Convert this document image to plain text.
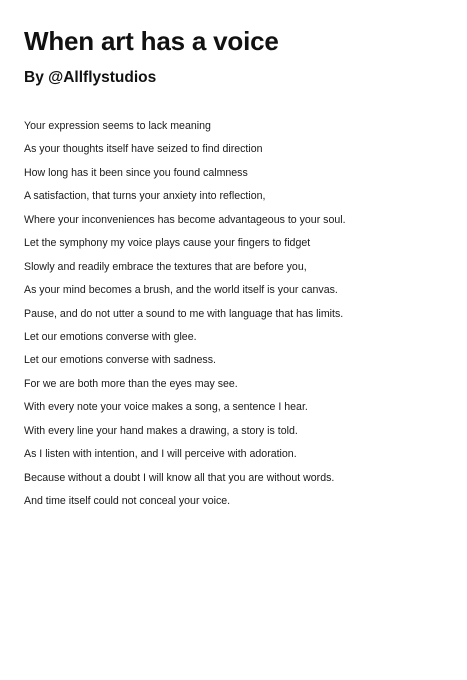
When art has a voice
By @Allflystudios
Your expression seems to lack meaning
As your thoughts itself have seized to find direction
How long has it been since you found calmness
A satisfaction, that turns your anxiety into reflection,
Where your inconveniences has become advantageous to your soul.
Let the symphony my voice plays cause your fingers to fidget
Slowly and readily embrace the textures that are before you,
As your mind becomes a brush, and the world itself is your canvas.
Pause, and do not utter a sound to me with language that has limits.
Let our emotions converse with glee.
Let our emotions converse with sadness.
For we are both more than the eyes may see.
With every note your voice makes a song, a sentence I hear.
With every line your hand makes a drawing, a story is told.
As I listen with intention, and I will perceive with adoration.
Because without a doubt I will know all that you are without words.
And time itself could not conceal your voice.
